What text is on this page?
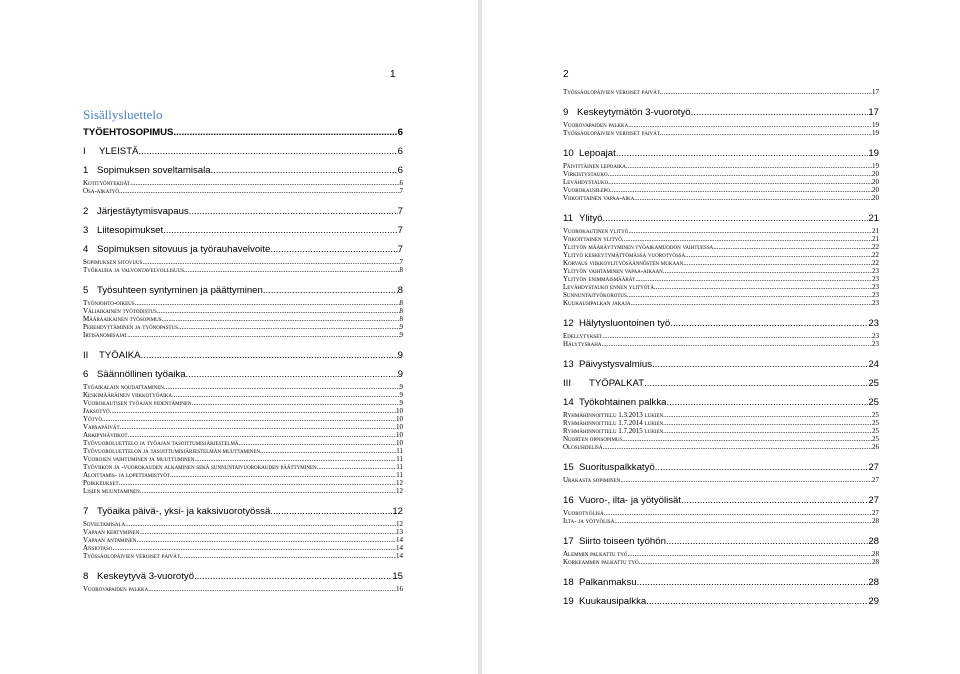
1
Sisällysluettelo
TYÖEHTOSOPIMUS .....	6
I YLEISTÄ .....	6
1 Sopimuksen soveltamisala .....	6
Kotityöntekijät .....	6
Osa-aikatyö .....	7
2 Järjestäytymisvapaus .....	7
3 Liitesopimukset .....	7
4 Sopimuksen sitovuus ja työrauhavelvoite .....	7
Sopimuksen sitovuus .....	7
Työrauha ja valvontavelvollisuus .....	8
5 Työsuhteen syntyminen ja päättyminen .....	8
Työnjohto-oikeus .....	8
Väliaikainen työtodistus .....	8
Määräaikainen työsopimus .....	8
Perehdyttäminen ja työnopastus .....	9
Irtisanomisajat .....	9
II TYÖAIKA .....	9
6 Säännöllinen työaika .....	9
Työaikalain noudattaminen .....	9
Keskimääräinen viikkotyöaika .....	9
Vuorokautisen työajan pidentäminen .....	9
Jaksotyö .....	10
Yötyö .....	10
Vapaapäivät .....	10
Arkipyhäviikot .....	10
Työvuoroluettelo ja työajan tasoittumisjärjestelmä .....	10
Työvuoroluettelon ja tasoittumisjärjestelmän muuttaminen .....	11
Vuorojen vaihtuminen ja muuttuminen .....	11
Työviikon ja -vuorokauden alkaminen sekä sunnuntaivuorokauden päättyminen .....	11
Aloittamis- ja lopettamistyöt .....	11
Poikkeukset .....	12
Lisien muuntaminen .....	12
7 Työaika päivä-, yksi- ja kaksivuorotyössä .....	12
Soveltamisala .....	12
Vapaan kertyminen .....	13
Vapaan antaminen .....	14
Ansiotaso .....	14
Työssäolopäivien veroiset päivät .....	14
8 Keskeytyvä 3-vuorotyö .....	15
Vuorovapaiden palkka .....	16
2
Työssäolopäivien veroiset päivät .....	17
9 Keskeytymätön 3-vuorotyö .....	17
Vuorovapaiden palkka .....	19
Työssäolopäivien veroiset päivät .....	19
10 Lepoajat .....	19
Päivittäinen lepoaika .....	19
Virkistystauko .....	20
Levähdystauko .....	20
Vuorokausilepo .....	20
Viikoittainen vapaa-aika .....	20
11 Ylityö .....	21
Vuorokautinen ylityö .....	21
Viikoittainen ylityö .....	21
Ylityön määräytyminen työaikamuodon vaihtuessa .....	22
Ylityö keskeytymättömässä vuorotyössä .....	22
Korvaus viikkoylityösäännösten mukaan .....	22
Ylityön vaihtaminen vapaa-aikaan .....	23
Ylityön enimmäismäärät .....	23
Levähdystauko ennen ylityötä .....	23
Sunnuntaityökorotus .....	23
Kuukausipalkan jakaja .....	23
12 Hälytysluontoinen työ .....	23
Edellytykset .....	23
Hälytysraha .....	23
13 Päivystysvalmius .....	24
III TYÖPALKAT .....	25
14 Työkohtainen palkka .....	25
Ryhmähinnoittelu 1.3.2013 lukien .....	25
Ryhmähinnoittelu 1.7.2014 lukien .....	25
Ryhmähinnoittelu 1.7.2015 lukien .....	25
Nuorten oppisopimus .....	25
Olosuhdelisä .....	26
15 Suorituspalkkatyö .....	27
Urakasta sopiminen .....	27
16 Vuoro-, ilta- ja yötyölisät .....	27
Vuorotyölisä .....	27
Ilta- ja yötyölisä .....	28
17 Siirto toiseen työhön .....	28
Alemmin palkattu työ .....	28
Korkeammin palkattu työ .....	28
18 Palkanmaksu .....	28
19 Kuukausipalkka .....	29
